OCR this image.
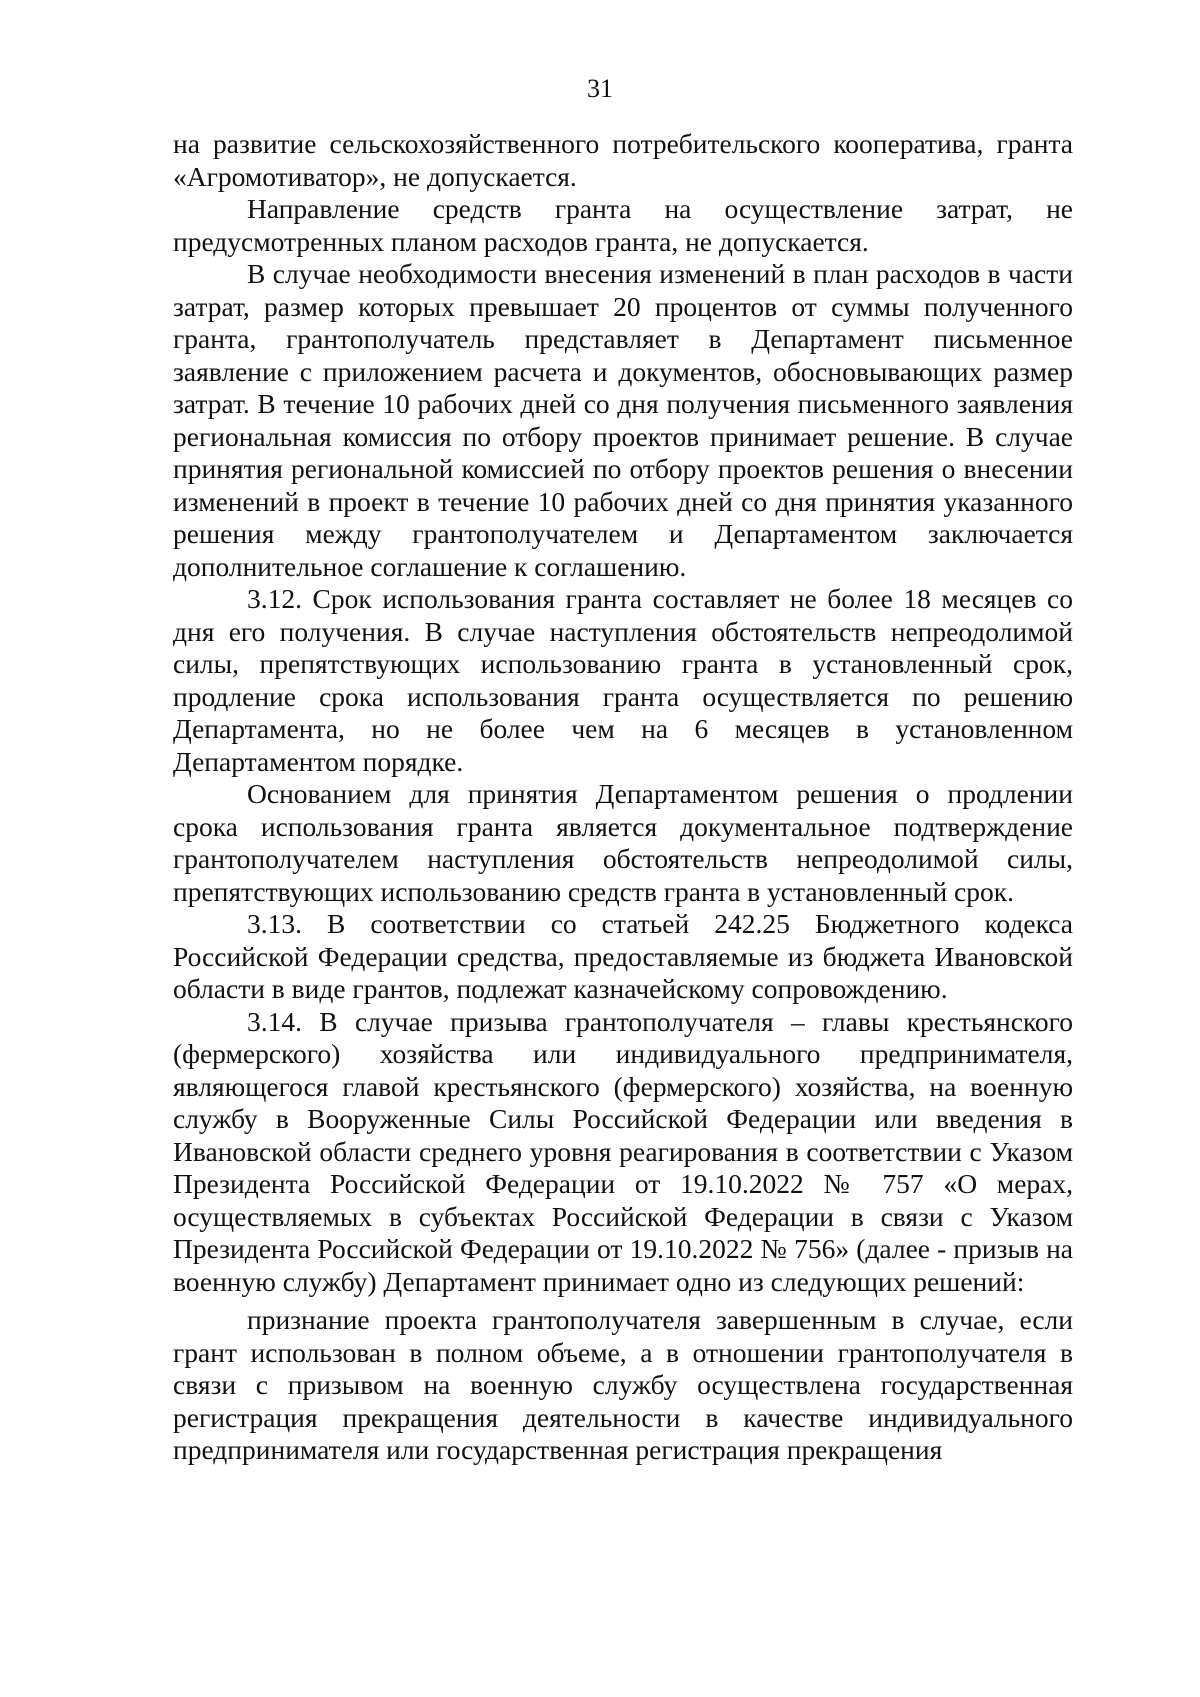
31

на развитие сельскохозяйственного потребительского кооператива, гранта «Агромотиватор», не допускается.

Направление средств гранта на осуществление затрат, не предусмотренных планом расходов гранта, не допускается.

В случае необходимости внесения изменений в план расходов в части затрат, размер которых превышает 20 процентов от суммы полученного гранта, грантополучатель представляет в Департамент письменное заявление с приложением расчета и документов, обосновывающих размер затрат. В течение 10 рабочих дней со дня получения письменного заявления региональная комиссия по отбору проектов принимает решение. В случае принятия региональной комиссией по отбору проектов решения о внесении изменений в проект в течение 10 рабочих дней со дня принятия указанного решения между грантополучателем и Департаментом заключается дополнительное соглашение к соглашению.

3.12. Срок использования гранта составляет не более 18 месяцев со дня его получения. В случае наступления обстоятельств непреодолимой силы, препятствующих использованию гранта в установленный срок, продление срока использования гранта осуществляется по решению Департамента, но не более чем на 6 месяцев в установленном Департаментом порядке.

Основанием для принятия Департаментом решения о продлении срока использования гранта является документальное подтверждение грантополучателем наступления обстоятельств непреодолимой силы, препятствующих использованию средств гранта в установленный срок.

3.13. В соответствии со статьей 242.25 Бюджетного кодекса Российской Федерации средства, предоставляемые из бюджета Ивановской области в виде грантов, подлежат казначейскому сопровождению.

3.14. В случае призыва грантополучателя – главы крестьянского (фермерского) хозяйства или индивидуального предпринимателя, являющегося главой крестьянского (фермерского) хозяйства, на военную службу в Вооруженные Силы Российской Федерации или введения в Ивановской области среднего уровня реагирования в соответствии с Указом Президента Российской Федерации от 19.10.2022 № 757 «О мерах, осуществляемых в субъектах Российской Федерации в связи с Указом Президента Российской Федерации от 19.10.2022 № 756» (далее - призыв на военную службу) Департамент принимает одно из следующих решений:

признание проекта грантополучателя завершенным в случае, если грант использован в полном объеме, а в отношении грантополучателя в связи с призывом на военную службу осуществлена государственная регистрация прекращения деятельности в качестве индивидуального предпринимателя или государственная регистрация прекращения
